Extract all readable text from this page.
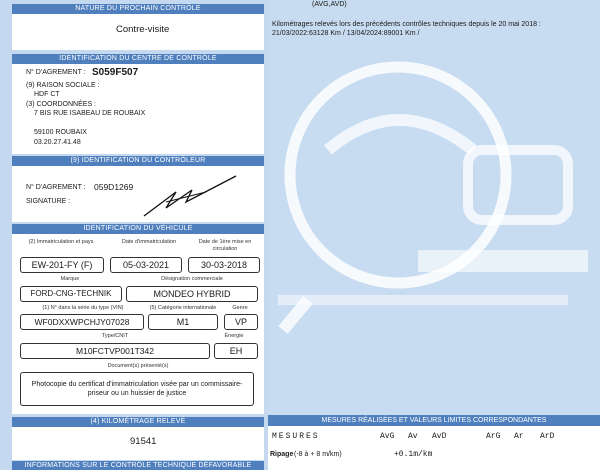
(AVG,AVD)
Kilométrages relevés lors des précédents contrôles techniques depuis le 20 mai 2018 :
21/03/2022:63128 Km / 13/04/2024:89001 Km /
NATURE DU PROCHAIN CONTRÔLE
Contre-visite
IDENTIFICATION DU CENTRE DE CONTRÔLE
N° D'AGREMENT : S059F507
(9) RAISON SOCIALE :
HDF CT
(3) COORDONNÉES :
7 BIS RUE ISABEAU DE ROUBAIX
59100 ROUBAIX
03.20.27.41.48
(9) IDENTIFICATION DU CONTRÔLEUR
N° D'AGREMENT : 059D1269
SIGNATURE :
IDENTIFICATION DU VÉHICULE
(2) Immatriculation et pays	Date d'immatriculation	Date de 1ère mise en circulation
EW-201-FY (F)	05-03-2021	30-03-2018
Marque	Désignation commerciale
FORD-CNG-TECHNIK	MONDEO HYBRID
(1) N° dans la série du type (VIN)	(5) Catégorie internationale	Genre
WF0DXXWPCHJY07028	M1	VP
Type/CNIT	Énergie
M10FCTVP001T342	EH
Document(s) présenté(s)
Photocopie du certificat d'immatriculation visée par un commissaire-priseur ou un huissier de justice
(4) KILOMÉTRAGE RELEVÉ
91541
INFORMATIONS SUR LE CONTRÔLE TECHNIQUE DÉFAVORABLE
MESURES RÉALISÉES ET VALEURS LIMITES CORRESPONDANTES
MESURES	AvG Av AvD	ArG Ar ArD
Ripage (-8 à + 8 m/km)	+0.1m/km
